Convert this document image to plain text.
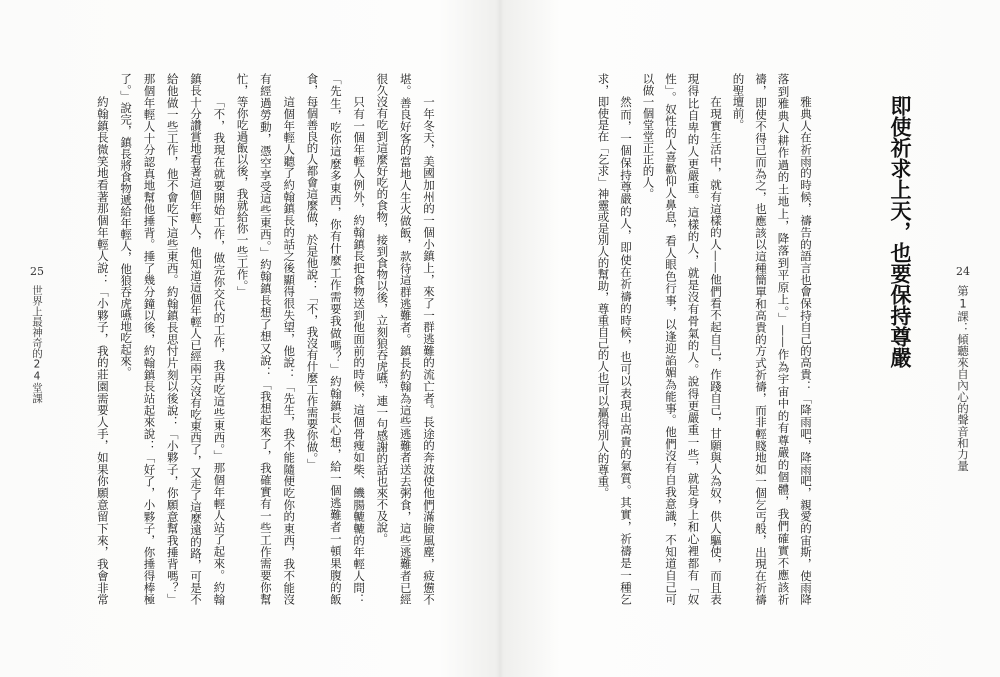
25
世界上最神奇的24堂課	一年冬天，美國加州的一個小鎮上，來了一群逃難的流亡者。長途的奔波使他們滿臉風塵，疲憊不
堪。善良好客的當地人生火做飯，款待這群逃難者。鎮長約翰為這些逃難者送去粥食，這些逃難者已經
很久沒有吃到這麼好吃的食物，接到食物以後，立刻狼吞虎嚥，連一句感謝的話也來不及說。
只有一個年輕人例外，約翰鎮長把食物送到他面前的時候，這個骨瘦如柴、饑腸轆轆的年輕人問：
「先生，吃你這麼多東西，你有什麼工作需要我做嗎？」約翰鎮長心想，給一個逃難者一頓果腹的飯
食，每個善良的人都會這麼做，於是他說：「不，我沒有什麼工作需要你做。」
這個年輕人聽了約翰鎮長的話之後顯得很失望，他說：「先生，我不能隨便吃你的東西，我不能沒
有經過勞動，憑空享受這些東西。」約翰鎮長想了想又說：「我想起來了，我確實有一些工作需要你幫
忙，等你吃過飯以後，我就給你一些工作。」
「不，我現在就要開始工作，做完你交代的工作，我再吃這些東西。」那個年輕人站了起來。約翰
鎮長十分讚賞地看著這個年輕人，他知道這個年輕人已經兩天沒有吃東西了，又走了這麼遠的路，可是不
給他做一些工作，他不會吃下這些東西。約翰鎮長思忖片刻以後說：「小夥子，你願意幫我捶背嗎？」
那個年輕人十分認真地幫他捶背。捶了幾分鐘以後，約翰鎮長站起來說：「好了，小夥子，你捶得棒極
了。」說完，鎮長將食物遞給年輕人，他狼吞虎嚥地吃起來。
約翰鎮長微笑地看著那個年輕人說：「小夥子，我的莊園需要人手，如果你願意留下來，我會非常	24
第1課：傾聽來自內心的聲音和力量
即使祈求上天，也要保持尊嚴
雅典人在祈雨的時候，禱告的語言也會保持自己的高貴：「降雨吧，降雨吧，親愛的宙斯，使雨降
落到雅典人耕作過的土地上，降落到平原上。」——作為宇宙中的有尊嚴的個體，我們確實不應該祈
禱，即使不得已而為之，也應該以這種簡單和高貴的方式祈禱，而非輕賤地如一個乞丐般，出現在祈禱
的聖壇前。
在現實生活中，就有這樣的人——他們看不起自己，作踐自己，甘願與人為奴，供人驅使，而且表
現得比自卑的人更嚴重。這樣的人，就是沒有骨氣的人。說得更嚴重一些，就是身上和心裡都有「奴
性」。奴性的人喜歡仰人鼻息，看人眼色行事，以逢迎諂媚為能事。他們沒有自我意識，不知道自己可
以做一個堂堂正正的人。
然而，一個保持尊嚴的人，即使在祈禱的時候，也可以表現出高貴的氣質。其實，祈禱是一種乞
求，即使是在「乞求」神靈或是別人的幫助，尊重自己的人也可以贏得別人的尊重。
